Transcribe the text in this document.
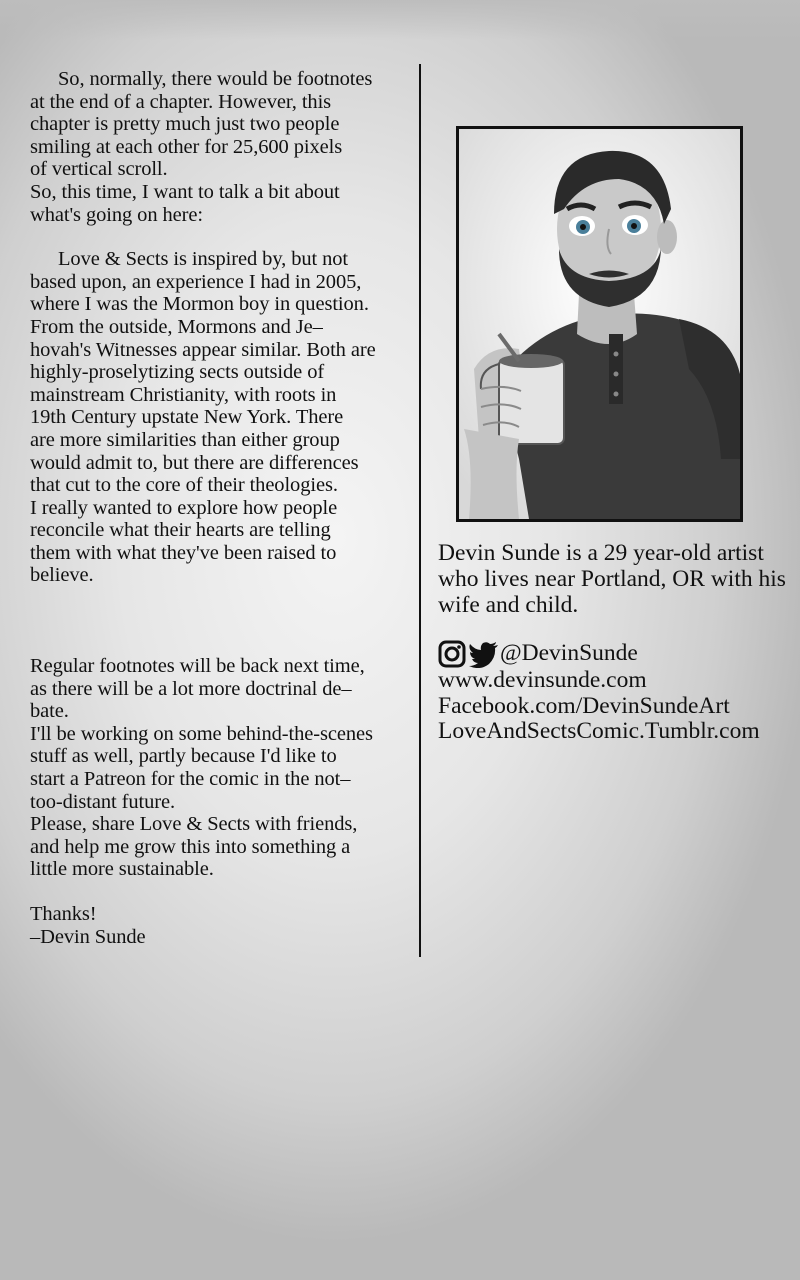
So, normally, there would be footnotes
at the end of a chapter. However, this
chapter is pretty much just two people
smiling at each other for 25,600 pixels
of vertical scroll.
So, this time, I want to talk a bit about
what's going on here:

Love & Sects is inspired by, but not
based upon, an experience I had in 2005,
where I was the Mormon boy in question.
From the outside, Mormons and Je–
hovah's Witnesses appear similar. Both are
highly-proselytizing sects outside of
mainstream Christianity, with roots in
19th Century upstate New York. There
are more similarities than either group
would admit to, but there are differences
that cut to the core of their theologies.
I really wanted to explore how people
reconcile what their hearts are telling
them with what they've been raised to
believe.

Regular footnotes will be back next time,
as there will be a lot more doctrinal de–
bate.
I'll be working on some behind-the-scenes
stuff as well, partly because I'd like to
start a Patreon for the comic in the not–
too-distant future.
Please, share Love & Sects with friends,
and help me grow this into something a
little more sustainable.

Thanks!
–Devin Sunde

Devin Sunde is a 29 year-old artist who lives near Portland, OR with his wife and child.

@DevinSunde
www.devinsunde.com
Facebook.com/DevinSundeArt
LoveAndSectsComic.Tumblr.com
